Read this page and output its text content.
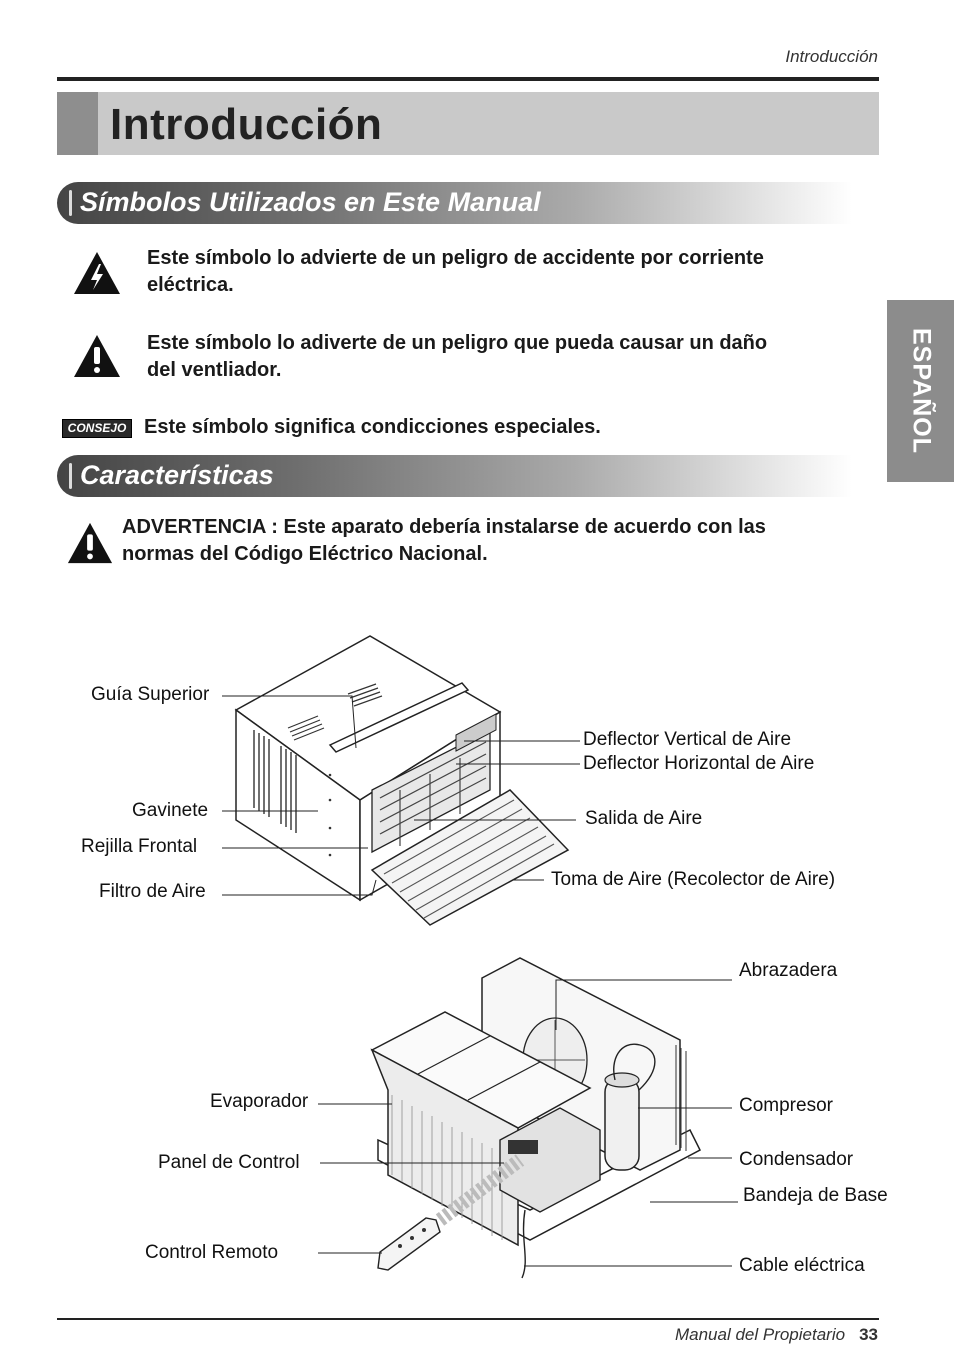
Introducción
Introducción
ESPAÑOL
Símbolos Utilizados en Este Manual
Este símbolo lo advierte de un peligro de accidente por corriente
eléctrica.
Este símbolo lo adiverte de un peligro que pueda causar un daño
del ventliador.
CONSEJO Este símbolo significa condicciones especiales.
Características
ADVERTENCIA : Este aparato debería instalarse de acuerdo con las
normas del Código Eléctrico Nacional.
Guía Superior
Gavinete
Rejilla Frontal
Filtro de Aire
Deflector Vertical de Aire
Deflector Horizontal de Aire
Salida de Aire
Toma de Aire (Recolector de Aire)
Abrazadera
Evaporador	Compresor
Panel de Control	Condensador
Bandeja de Base
Control Remoto
Cable eléctrica
Manual del Propietario 33
